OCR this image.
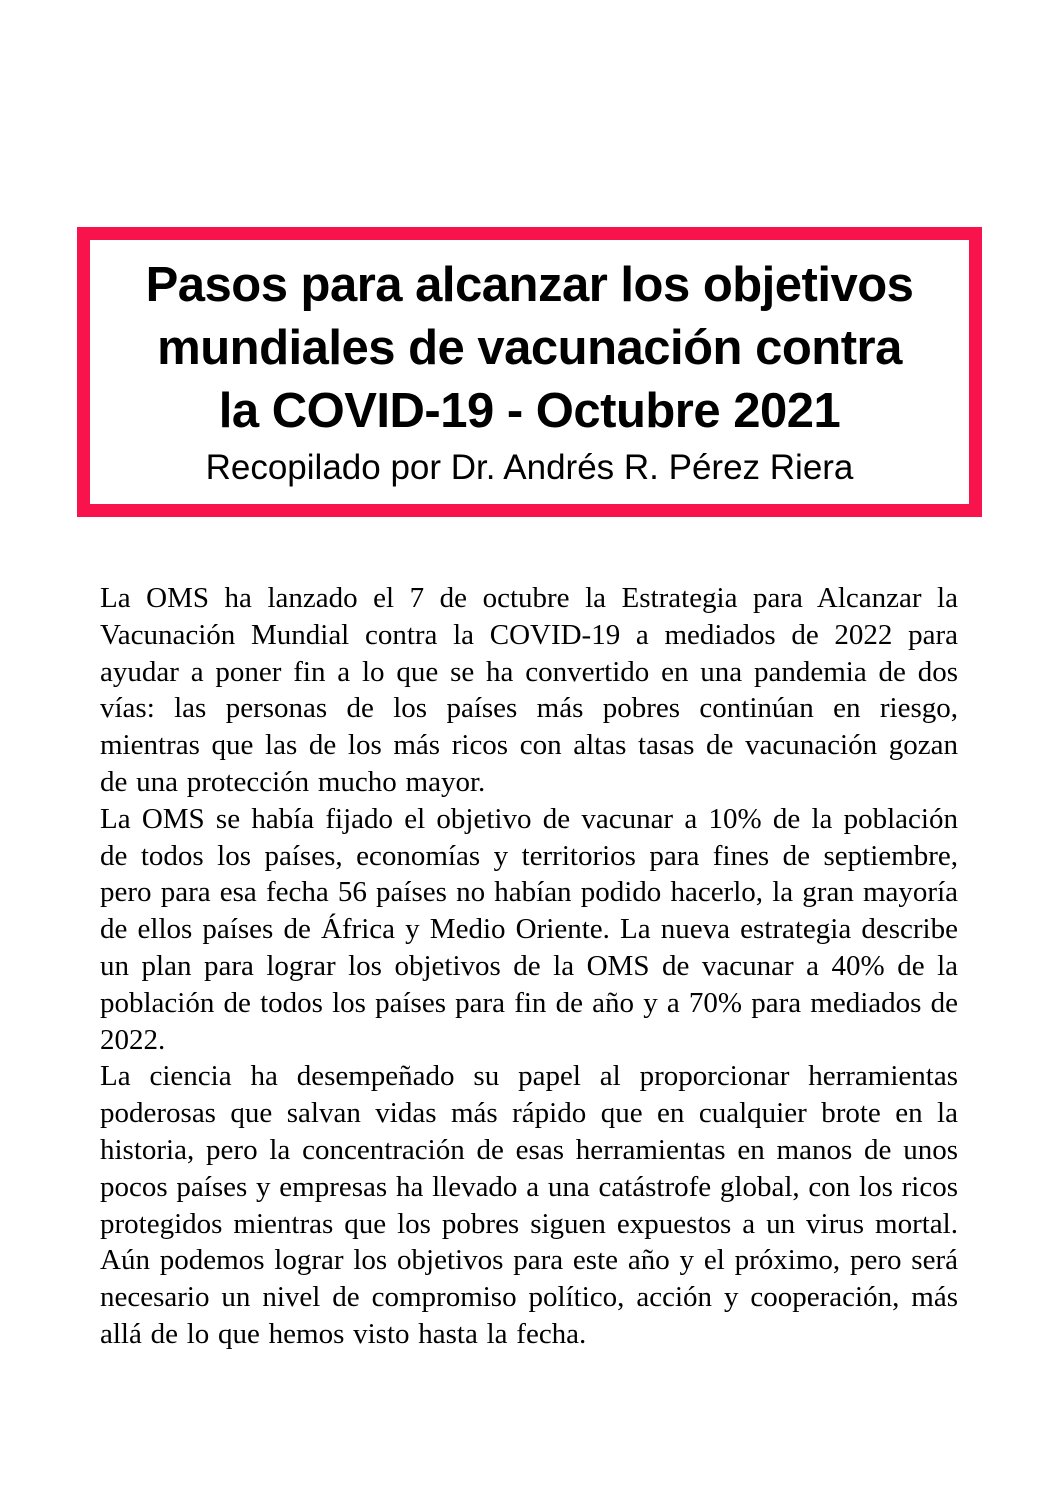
Pasos para alcanzar los objetivos
mundiales de vacunación contra
la COVID-19 - Octubre 2021
Recopilado por Dr. Andrés R. Pérez Riera

La OMS ha lanzado el 7 de octubre la Estrategia para Alcanzar la Vacunación Mundial contra la COVID-19 a mediados de 2022 para ayudar a poner fin a lo que se ha convertido en una pandemia de dos vías: las personas de los países más pobres continúan en riesgo, mientras que las de los más ricos con altas tasas de vacunación gozan de una protección mucho mayor.

La OMS se había fijado el objetivo de vacunar a 10% de la población de todos los países, economías y territorios para fines de septiembre, pero para esa fecha 56 países no habían podido hacerlo, la gran mayoría de ellos países de África y Medio Oriente. La nueva estrategia describe un plan para lograr los objetivos de la OMS de vacunar a 40% de la población de todos los países para fin de año y a 70% para mediados de 2022.

La ciencia ha desempeñado su papel al proporcionar herramientas poderosas que salvan vidas más rápido que en cualquier brote en la historia, pero la concentración de esas herramientas en manos de unos pocos países y empresas ha llevado a una catástrofe global, con los ricos protegidos mientras que los pobres siguen expuestos a un virus mortal. Aún podemos lograr los objetivos para este año y el próximo, pero será necesario un nivel de compromiso político, acción y cooperación, más allá de lo que hemos visto hasta la fecha.
